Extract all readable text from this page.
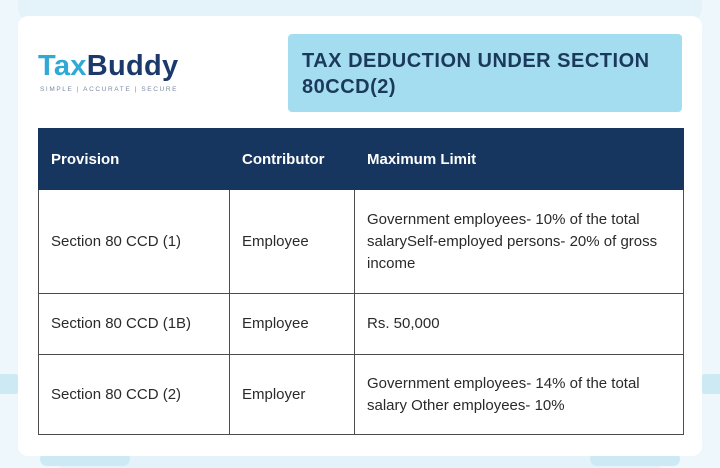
TaxBuddy
SIMPLE | ACCURATE | SECURE
TAX DEDUCTION UNDER SECTION 80CCD(2)
Provision	Contributor	Maximum Limit
Section 80 CCD (1)	Employee	Government employees- 10% of the total salarySelf-employed persons- 20% of gross income
Section 80 CCD (1B)	Employee	Rs. 50,000
Section 80 CCD (2)	Employer	Government employees- 14% of the total salary Other employees- 10%
